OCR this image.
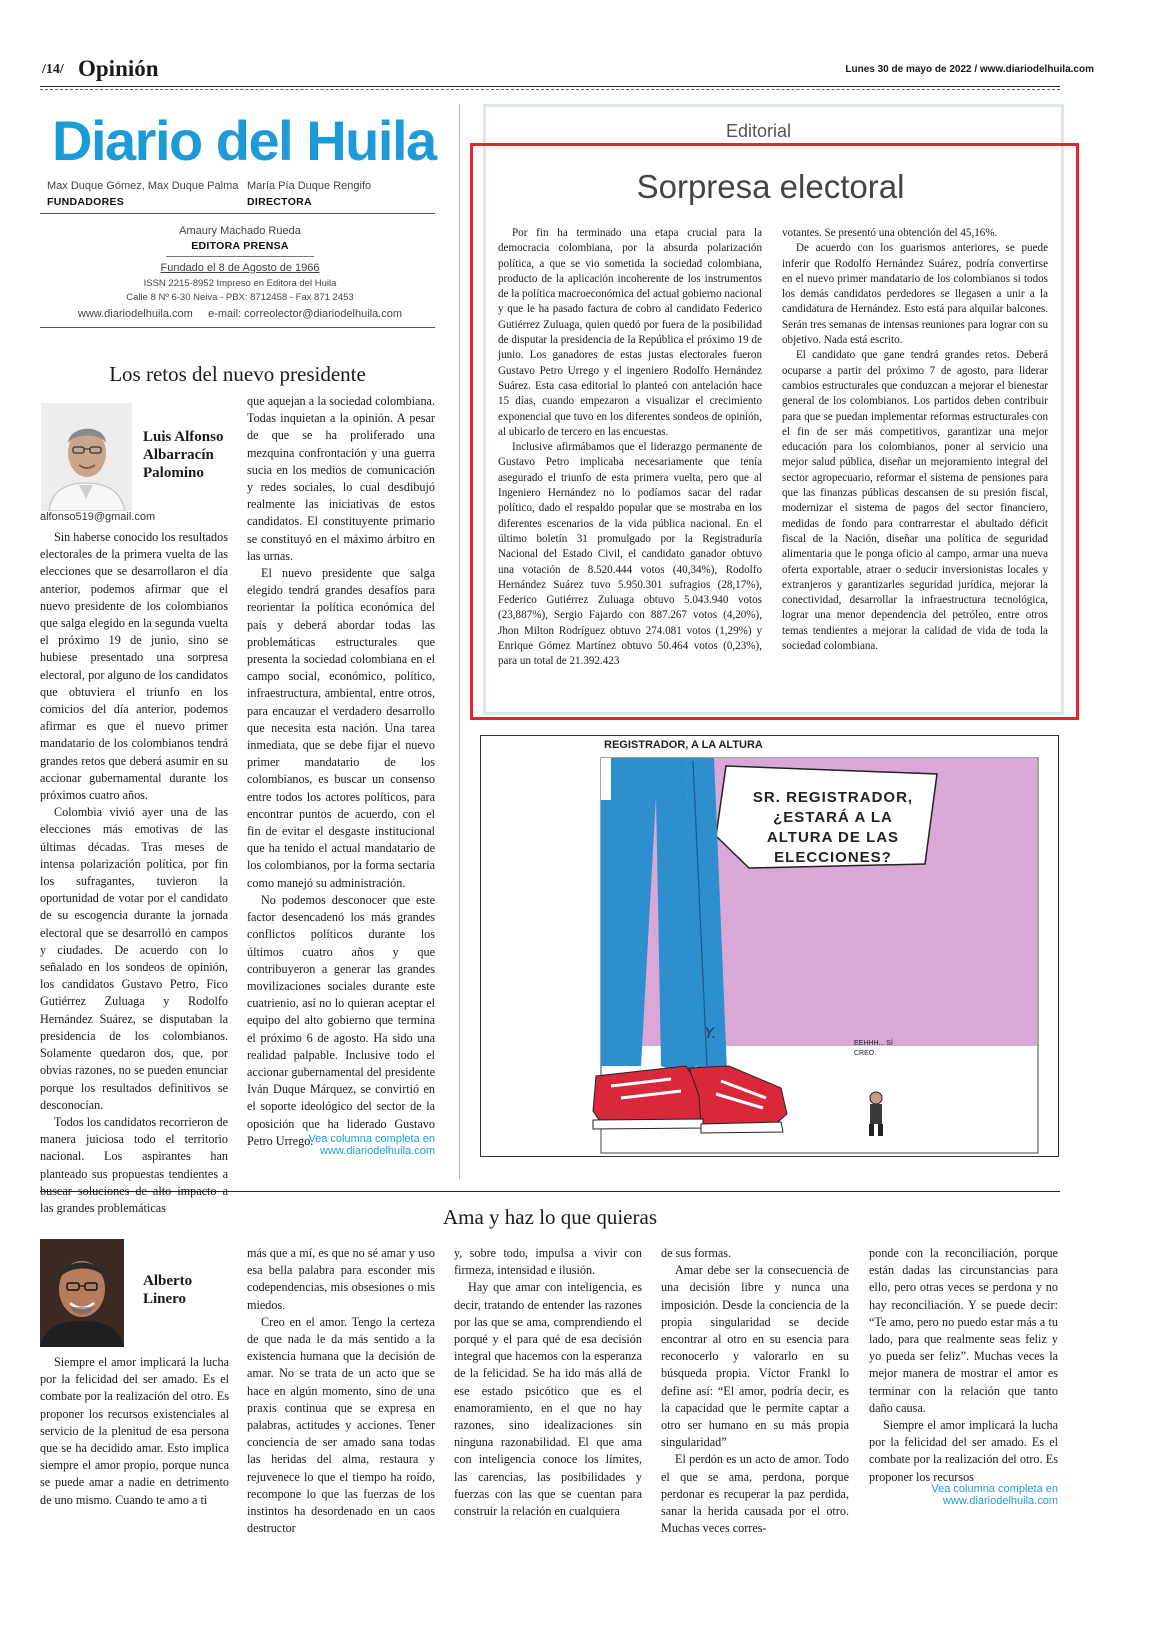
/14/ Opinión	Lunes 30 de mayo de 2022 / www.diariodelhuila.com
Diario del Huila
Max Duque Gómez, Max Duque Palma
FUNDADORES
María Pía Duque Rengifo
DIRECTORA
Amaury Machado Rueda
EDITORA PRENSA
Fundado el 8 de Agosto de 1966
ISSN 2215-8952 Impreso en Editora del Huila
Calle 8 Nº 6-30 Neiva - PBX: 8712458 - Fax 871 2453
www.diariodelhuila.com     e-mail: correolector@diariodelhuila.com
Los retos del nuevo presidente
Luis Alfonso Albarracín Palomino
alfonso519@gmail.com

Sin haberse conocido los resultados electorales de la primera vuelta de las elecciones que se desarrollaron el día anterior, podemos afirmar que el nuevo presidente de los colombianos que salga elegido en la segunda vuelta el próximo 19 de junio, sino se hubiese presentado una sorpresa electoral, por alguno de los candidatos que obtuviera el triunfo en los comicios del día anterior, podemos afirmar es que el nuevo primer mandatario de los colombianos tendrá grandes retos que deberá asumir en su accionar gubernamental durante los próximos cuatro años.

Colombia vivió ayer una de las elecciones más emotivas de las últimas décadas. Tras meses de intensa polarización política, por fin los sufragantes, tuvieron la oportunidad de votar por el candidato de su escogencia durante la jornada electoral que se desarrolló en campos y ciudades. De acuerdo con lo señalado en los sondeos de opinión, los candidatos Gustavo Petro, Fico Gutiérrez Zuluaga y Rodolfo Hernández Suárez, se disputaban la presidencia de los colombianos. Solamente quedaron dos, que, por obvias razones, no se pueden enunciar porque los resultados definitivos se desconocían.

Todos los candidatos recorrieron de manera juiciosa todo el territorio nacional. Los aspirantes han planteado sus propuestas tendientes a buscar soluciones de alto impacto a las grandes problemáticas

que aquejan a la sociedad colombiana. Todas inquietan a la opinión. A pesar de que se ha proliferado una mezquina confrontación y una guerra sucia en los medios de comunicación y redes sociales, lo cual desdibujó realmente las iniciativas de estos candidatos. El constituyente primario se constituyó en el máximo árbitro en las urnas.

El nuevo presidente que salga elegido tendrá grandes desafíos para reorientar la política económica del país y deberá abordar todas las problemáticas estructurales que presenta la sociedad colombiana en el campo social, económico, político, infraestructura, ambiental, entre otros, para encauzar el verdadero desarrollo que necesita esta nación. Una tarea inmediata, que se debe fijar el nuevo primer mandatario de los colombianos, es buscar un consenso entre todos los actores políticos, para encontrar puntos de acuerdo, con el fin de evitar el desgaste institucional que ha tenido el actual mandatario de los colombianos, por la forma sectaria como manejó su administración.

No podemos desconocer que este factor desencadenó los más grandes conflictos políticos durante los últimos cuatro años y que contribuyeron a generar las grandes movilizaciones sociales durante este cuatrienio, así no lo quieran aceptar el equipo del alto gobierno que termina el próximo 6 de agosto. Ha sido una realidad palpable. Inclusive todo el accionar gubernamental del presidente Iván Duque Márquez, se convirtió en el soporte ideológico del sector de la oposición que ha liderado Gustavo Petro Urrego.

Vea columna completa en www.diariodelhuila.com
Editorial
Sorpresa electoral

Por fin ha terminado una etapa crucial para la democracia colombiana, por la absurda polarización política, a que se vio sometida la sociedad colombiana, producto de la aplicación incoherente de los instrumentos de la política macroeconómica del actual gobierno nacional y que le ha pasado factura de cobro al candidato Federico Gutiérrez Zuluaga, quien quedó por fuera de la posibilidad de disputar la presidencia de la República el próximo 19 de junio. Los ganadores de estas justas electorales fueron Gustavo Petro Urrego y el ingeniero Rodolfo Hernández Suárez. Esta casa editorial lo planteó con antelación hace 15 días, cuando empezaron a visualizar el crecimiento exponencial que tuvo en los diferentes sondeos de opinión, al ubicarlo de tercero en las encuestas.

Inclusive afirmábamos que el liderazgo permanente de Gustavo Petro implicaba necesariamente que tenía asegurado el triunfo de esta primera vuelta, pero que al Ingeniero Hernández no lo podíamos sacar del radar político, dado el respaldo popular que se mostraba en los diferentes escenarios de la vida pública nacional. En el último boletín 31 promulgado por la Registraduría Nacional del Estado Civil, el candidato ganador obtuvo una votación de 8.520.444 votos (40,34%), Rodolfo Hernández Suárez tuvo 5.950.301 sufragios (28,17%), Federico Gutiérrez Zuluaga obtuvo 5.043.940 votos (23,887%), Sergio Fajardo con 887.267 votos (4,20%), Jhon Milton Rodríguez obtuvo 274.081 votos (1,29%) y Enrique Gómez Martínez obtuvo 50.464 votos (0,23%), para un total de 21.392.423

votantes. Se presentó una obtención del 45,16%.

De acuerdo con los guarismos anteriores, se puede inferir que Rodolfo Hernández Suárez, podría convertirse en el nuevo primer mandatario de los colombianos si todos los demás candidatos perdedores se llegasen a unir a la candidatura de Hernández. Esto está para alquilar balcones. Serán tres semanas de intensas reuniones para lograr con su objetivo. Nada está escrito.

El candidato que gane tendrá grandes retos. Deberá ocuparse a partir del próximo 7 de agosto, para liderar cambios estructurales que conduzcan a mejorar el bienestar general de los colombianos. Los partidos deben contribuir para que se puedan implementar reformas estructurales con el fin de ser más competitivos, garantizar una mejor educación para los colombianos, poner al servicio una mejor salud pública, diseñar un mejoramiento integral del sector agropecuario, reformar el sistema de pensiones para que las finanzas públicas descansen de su presión fiscal, modernizar el sistema de pagos del sector financiero, medidas de fondo para contrarrestar el abultado déficit fiscal de la Nación, diseñar una política de seguridad alimentaria que le ponga oficio al campo, armar una nueva oferta exportable, atraer o seducir inversionistas locales y extranjeros y garantizarles seguridad jurídica, mejorar la conectividad, desarrollar la infraestructura tecnológica, lograr una menor dependencia del petróleo, entre otros temas tendientes a mejorar la calidad de vida de toda la sociedad colombiana.

REGISTRADOR, A LA ALTURA
Y.
SR. REGISTRADOR, ¿ESTARÁ A LA ALTURA DE LAS ELECCIONES?
EEHHH... SÍ CREO.
Ama y haz lo que quieras
Alberto Linero

Siempre el amor implicará la lucha por la felicidad del ser amado. Es el combate por la realización del otro. Es proponer los recursos existenciales al servicio de la plenitud de esa persona que se ha decidido amar. Esto implica siempre el amor propio, porque nunca se puede amar a nadie en detrimento de uno mismo. Cuando te amo a ti

más que a mí, es que no sé amar y uso esa bella palabra para esconder mis codependencias, mis obsesiones o mis miedos.

Creo en el amor. Tengo la certeza de que nada le da más sentido a la existencia humana que la decisión de amar. No se trata de un acto que se hace en algún momento, sino de una praxis continua que se expresa en palabras, actitudes y acciones. Tener conciencia de ser amado sana todas las heridas del alma, restaura y rejuvenece lo que el tiempo ha roído, recompone lo que las fuerzas de los instintos ha desordenado en un caos destructor

y, sobre todo, impulsa a vivir con firmeza, intensidad e ilusión.

Hay que amar con inteligencia, es decir, tratando de entender las razones por las que se ama, comprendiendo el porqué y el para qué de esa decisión integral que hacemos con la esperanza de la felicidad. Se ha ido más allá de ese estado psicótico que es el enamoramiento, en el que no hay razones, sino idealizaciones sin ninguna razonabilidad. El que ama con inteligencia conoce los límites, las carencias, las posibilidades y fuerzas con las que se cuentan para construir la relación en cualquiera

de sus formas.

Amar debe ser la consecuencia de una decisión libre y nunca una imposición. Desde la conciencia de la propia singularidad se decide encontrar al otro en su esencia para reconocerlo y valorarlo en su búsqueda propia. Víctor Frankl lo define así: “El amor, podría decir, es la capacidad que le permite captar a otro ser humano en su más propia singularidad”

El perdón es un acto de amor. Todo el que se ama, perdona, porque perdonar es recuperar la paz perdida, sanar la herida causada por el otro. Muchas veces corres-

ponde con la reconciliación, porque están dadas las circunstancias para ello, pero otras veces se perdona y no hay reconciliación. Y se puede decir: “Te amo, pero no puedo estar más a tu lado, para que realmente seas feliz y yo pueda ser feliz”. Muchas veces la mejor manera de mostrar el amor es terminar con la relación que tanto daño causa.

Siempre el amor implicará la lucha por la felicidad del ser amado. Es el combate por la realización del otro. Es proponer los recursos

Vea columna completa en www.diariodelhuila.com
